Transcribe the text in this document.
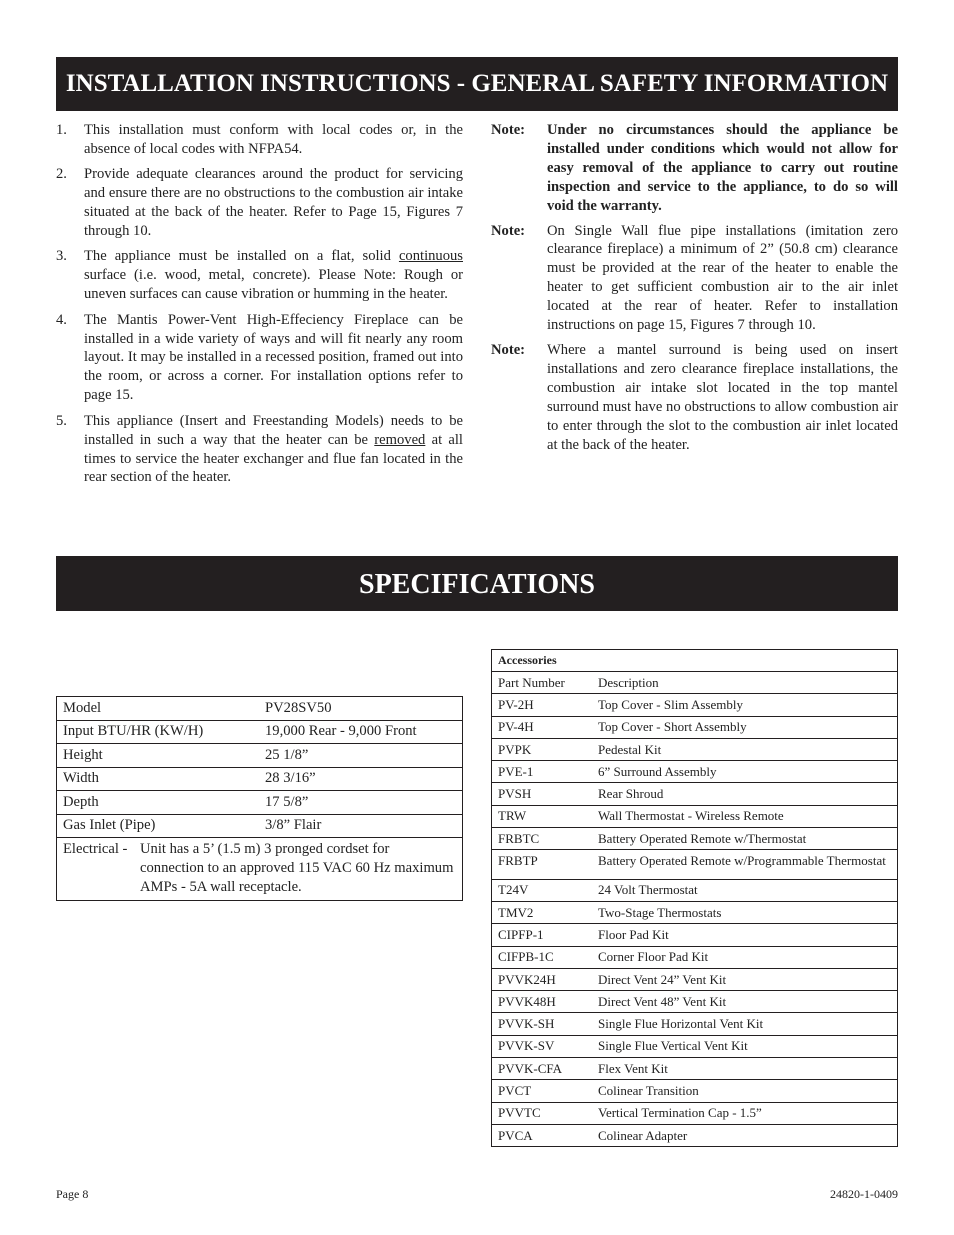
INSTALLATION INSTRUCTIONS - GENERAL SAFETY INFORMATION
1. This installation must conform with local codes or, in the absence of local codes with NFPA54.
2. Provide adequate clearances around the product for servicing and ensure there are no obstructions to the combustion air intake situated at the back of the heater. Refer to Page 15, Figures 7 through 10.
3. The appliance must be installed on a flat, solid continuous surface (i.e. wood, metal, concrete). Please Note: Rough or uneven surfaces can cause vibration or humming in the heater.
4. The Mantis Power-Vent High-Effeciency Fireplace can be installed in a wide variety of ways and will fit nearly any room layout. It may be installed in a recessed position, framed out into the room, or across a corner. For installation options refer to page 15.
5. This appliance (Insert and Freestanding Models) needs to be installed in such a way that the heater can be removed at all times to service the heater exchanger and flue fan located in the rear section of the heater.
Note: Under no circumstances should the appliance be installed under conditions which would not allow for easy removal of the appliance to carry out routine inspection and service to the appliance, to do so will void the warranty.
Note: On Single Wall flue pipe installations (imitation zero clearance fireplace) a minimum of 2” (50.8 cm) clearance must be provided at the rear of the heater to enable the heater to get sufficient combustion air to the air inlet located at the rear of heater. Refer to installation instructions on page 15, Figures 7 through 10.
Note: Where a mantel surround is being used on insert installations and zero clearance fireplace installations, the combustion air intake slot located in the top mantel surround must have no obstructions to allow combustion air to enter through the slot to the combustion air inlet located at the back of the heater.
SPECIFICATIONS
Model	PV28SV50
Input BTU/HR (KW/H)	19,000 Rear - 9,000 Front
Height	25 1/8”
Width	28 3/16”
Depth	17 5/8”
Gas Inlet (Pipe)	3/8” Flair

Electrical - Unit has a 5’ (1.5 m) 3 pronged cordset for connection to an approved 115 VAC 60 Hz maximum AMPs - 5A wall receptacle.	
Accessories	
Part Number	Description
PV-2H	Top Cover - Slim Assembly
PV-4H	Top Cover - Short Assembly
PVPK	Pedestal Kit
PVE-1	6” Surround Assembly
PVSH	Rear Shroud
TRW	Wall Thermostat - Wireless Remote
FRBTC	Battery Operated Remote w/Thermostat
FRBTP	Battery Operated Remote w/Programmable Thermostat
T24V	24 Volt Thermostat
TMV2	Two-Stage Thermostats
CIPFP-1	Floor Pad Kit
CIFPB-1C	Corner Floor Pad Kit
PVVK24H	Direct Vent 24” Vent Kit
PVVK48H	Direct Vent 48” Vent Kit
PVVK-SH	Single Flue Horizontal Vent Kit
PVVK-SV	Single Flue Vertical Vent Kit
PVVK-CFA	Flex Vent Kit
PVCT	Colinear Transition
PVVTC	Vertical Termination Cap - 1.5”
PVCA	Colinear Adapter
Page 8	24820-1-0409
